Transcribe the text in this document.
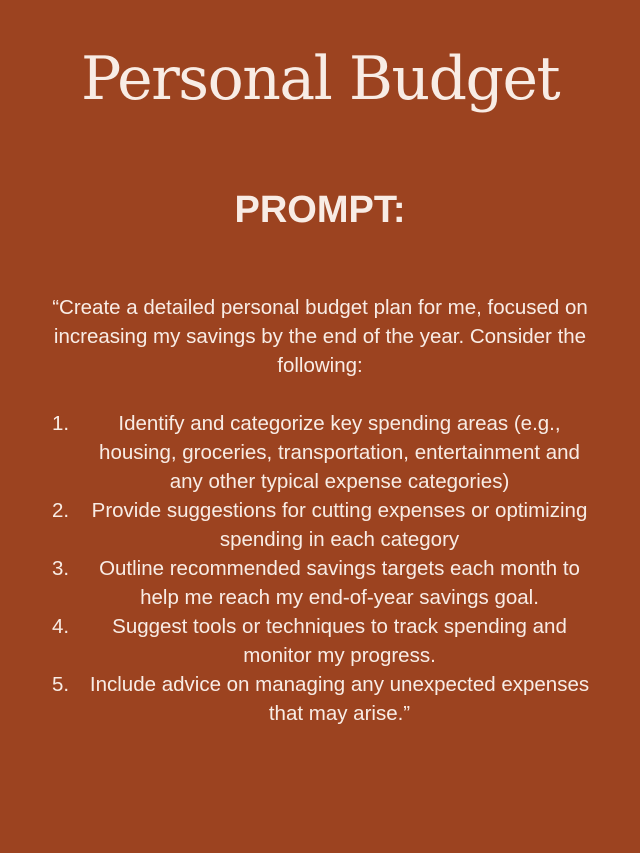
Personal Budget
PROMPT:

“Create a detailed personal budget plan for me, focused on increasing my savings by the end of the year. Consider the following:

1.	Identify and categorize key spending areas (e.g., housing, groceries, transportation, entertainment and any other typical expense categories)
2.	Provide suggestions for cutting expenses or optimizing spending in each category
3.	Outline recommended savings targets each month to help me reach my end-of-year savings goal.
4.	Suggest tools or techniques to track spending and monitor my progress.
5.	Include advice on managing any unexpected expenses that may arise.”
